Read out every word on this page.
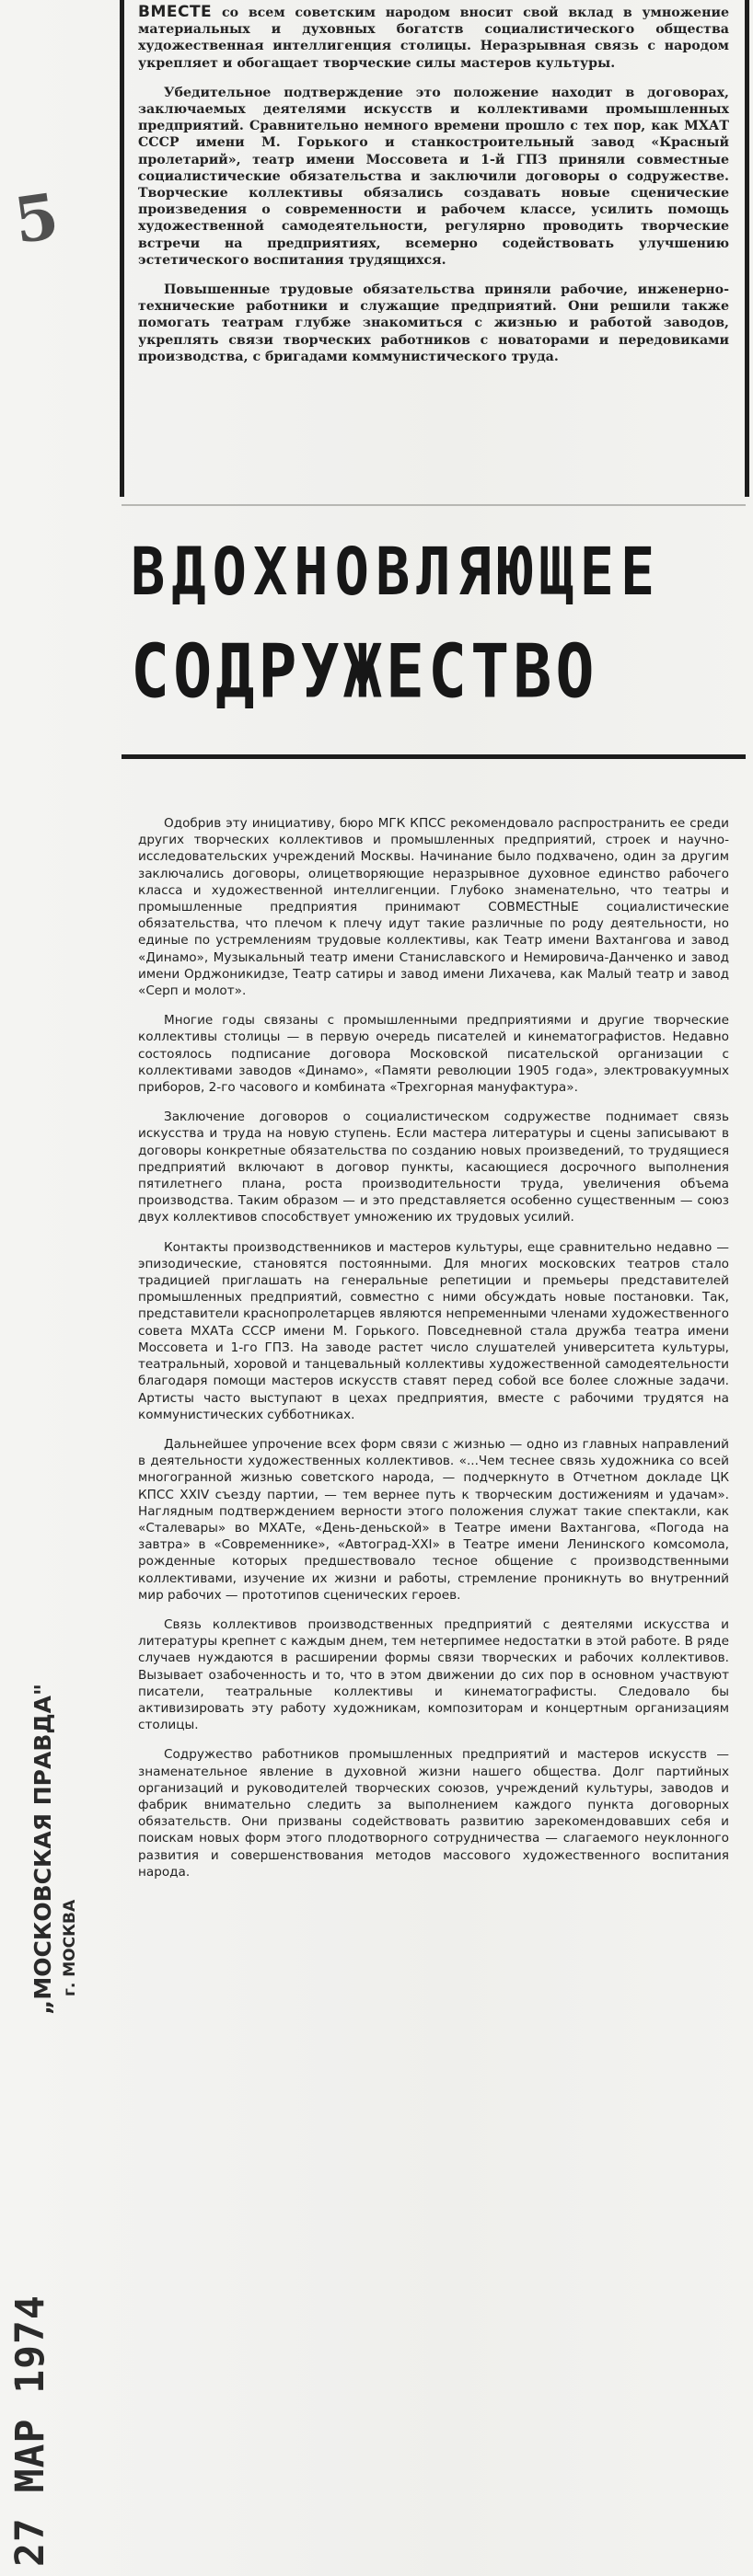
5
„МОСКОВСКАЯ ПРАВДА" г. МОСКВА

ВМЕСТЕ со всем советским народом вносит свой вклад в умножение материальных и духовных богатств социалистического общества художественная интеллигенция столицы. Неразрывная связь с народом укрепляет и обогащает творческие силы мастеров культуры.

Убедительное подтверждение это положение находит в договорах, заключаемых деятелями искусств и коллективами промышленных предприятий. Сравнительно немного времени прошло с тех пор, как МХАТ СССР имени М. Горького и станкостроительный завод «Красный пролетарий», театр имени Моссовета и 1-й ГПЗ приняли совместные социалистические обязательства и заключили договоры о содружестве. Творческие коллективы обязались создавать новые сценические произведения о современности и рабочем классе, усилить помощь художественной самодеятельности, регулярно проводить творческие встречи на предприятиях, всемерно содействовать улучшению эстетического воспитания трудящихся.

Повышенные трудовые обязательства приняли рабочие, инженерно-технические работники и служащие предприятий. Они решили также помогать театрам глубже знакомиться с жизнью и работой заводов, укреплять связи творческих работников с новаторами и передовиками производства, с бригадами коммунистического труда.

ВДОХНОВЛЯЮЩЕЕ
СОДРУЖЕСТВО

Одобрив эту инициативу, бюро МГК КПСС рекомендовало распространить ее среди других творческих коллективов и промышленных предприятий, строек и научно-исследовательских учреждений Москвы. Начинание было подхвачено, один за другим заключались договоры, олицетворяющие неразрывное духовное единство рабочего класса и художественной интеллигенции. Глубоко знаменательно, что театры и промышленные предприятия принимают СОВМЕСТНЫЕ социалистические обязательства, что плечом к плечу идут такие различные по роду деятельности, но единые по устремлениям трудовые коллективы, как Театр имени Вахтангова и завод «Динамо», Музыкальный театр имени Станиславского и Немировича-Данченко и завод имени Орджоникидзе, Театр сатиры и завод имени Лихачева, как Малый театр и завод «Серп и молот».

Многие годы связаны с промышленными предприятиями и другие творческие коллективы столицы — в первую очередь писателей и кинематографистов. Недавно состоялось подписание договора Московской писательской организации с коллективами заводов «Динамо», «Памяти революции 1905 года», электровакуумных приборов, 2-го часового и комбината «Трехгорная мануфактура».

Заключение договоров о социалистическом содружестве поднимает связь искусства и труда на новую ступень. Если мастера литературы и сцены записывают в договоры конкретные обязательства по созданию новых произведений, то трудящиеся предприятий включают в договор пункты, касающиеся досрочного выполнения пятилетнего плана, роста производительности труда, увеличения объема производства. Таким образом — и это представляется особенно существенным — союз двух коллективов способствует умножению их трудовых усилий.

Контакты производственников и мастеров культуры, еще сравнительно недавно — эпизодические, становятся постоянными. Для многих московских театров стало традицией приглашать на генеральные репетиции и премьеры представителей промышленных предприятий, совместно с ними обсуждать новые постановки. Так, представители краснопролетарцев являются непременными членами художественного совета МХАТа СССР имени М. Горького. Повседневной стала дружба театра имени Моссовета и 1-го ГПЗ. На заводе растет число слушателей университета культуры, театральный, хоровой и танцевальный коллективы художественной самодеятельности благодаря помощи мастеров искусств ставят перед собой все более сложные задачи. Артисты часто выступают в цехах предприятия, вместе с рабочими трудятся на коммунистических субботниках.

Дальнейшее упрочение всех форм связи с жизнью — одно из главных направлений в деятельности художественных коллективов. «...Чем теснее связь художника со всей многогранной жизнью советского народа, — подчеркнуто в Отчетном докладе ЦК КПСС XXIV съезду партии, — тем вернее путь к творческим достижениям и удачам». Наглядным подтверждением верности этого положения служат такие спектакли, как «Сталевары» во МХАТе, «День-деньской» в Театре имени Вахтангова, «Погода на завтра» в «Современнике», «Автоград-XXI» в Театре имени Ленинского комсомола, рожденные которых предшествовало тесное общение с производственными коллективами, изучение их жизни и работы, стремление проникнуть во внутренний мир рабочих — прототипов сценических героев.

Связь коллективов производственных предприятий с деятелями искусства и литературы крепнет с каждым днем, тем нетерпимее недостатки в этой работе. В ряде случаев нуждаются в расширении формы связи творческих и рабочих коллективов. Вызывает озабоченность и то, что в этом движении до сих пор в основном участвуют писатели, театральные коллективы и кинематографисты. Следовало бы активизировать эту работу художникам, композиторам и концертным организациям столицы.

Содружество работников промышленных предприятий и мастеров искусств — знаменательное явление в духовной жизни нашего общества. Долг партийных организаций и руководителей творческих союзов, учреждений культуры, заводов и фабрик внимательно следить за выполнением каждого пункта договорных обязательств. Они призваны содействовать развитию зарекомендовавших себя и поискам новых форм этого плодотворного сотрудничества — слагаемого неуклонного развития и совершенствования методов массового художественного воспитания народа.
